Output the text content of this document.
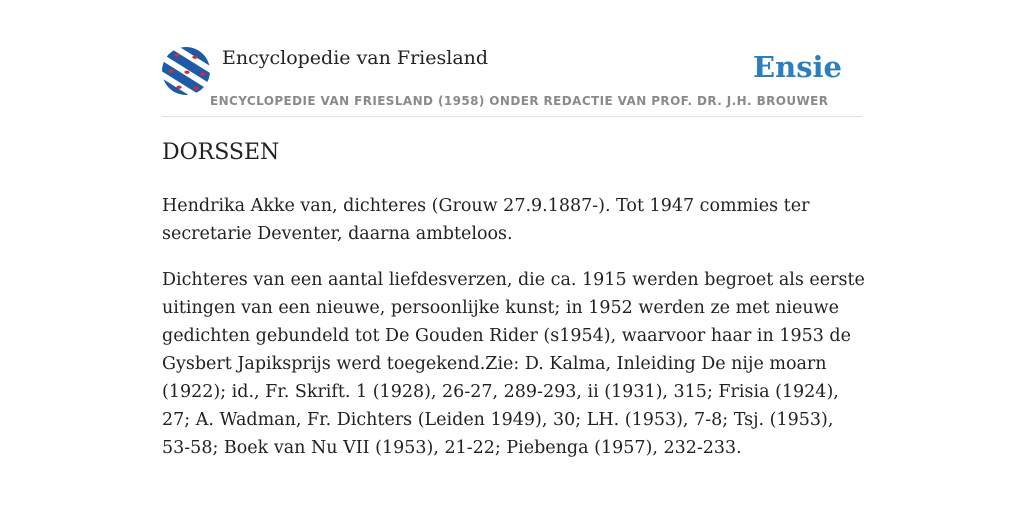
Encyclopedie van Friesland
ENCYCLOPEDIE VAN FRIESLAND (1958) ONDER REDACTIE VAN PROF. DR. J.H. BROUWER
Ensie
DORSSEN

Hendrika Akke van, dichteres (Grouw 27.9.1887-). Tot 1947 commies ter secretarie Deventer, daarna ambteloos.

Dichteres van een aantal liefdesverzen, die ca. 1915 werden begroet als eerste uitingen van een nieuwe, persoonlijke kunst; in 1952 werden ze met nieuwe gedichten gebundeld tot De Gouden Rider (s1954), waarvoor haar in 1953 de Gysbert Japiksprijs werd toegekend.Zie: D. Kalma, Inleiding De nije moarn (1922); id., Fr. Skrift. 1 (1928), 26-27, 289-293, ii (1931), 315; Frisia (1924), 27; A. Wadman, Fr. Dichters (Leiden 1949), 30; LH. (1953), 7-8; Tsj. (1953), 53-58; Boek van Nu VII (1953), 21-22; Piebenga (1957), 232-233.
